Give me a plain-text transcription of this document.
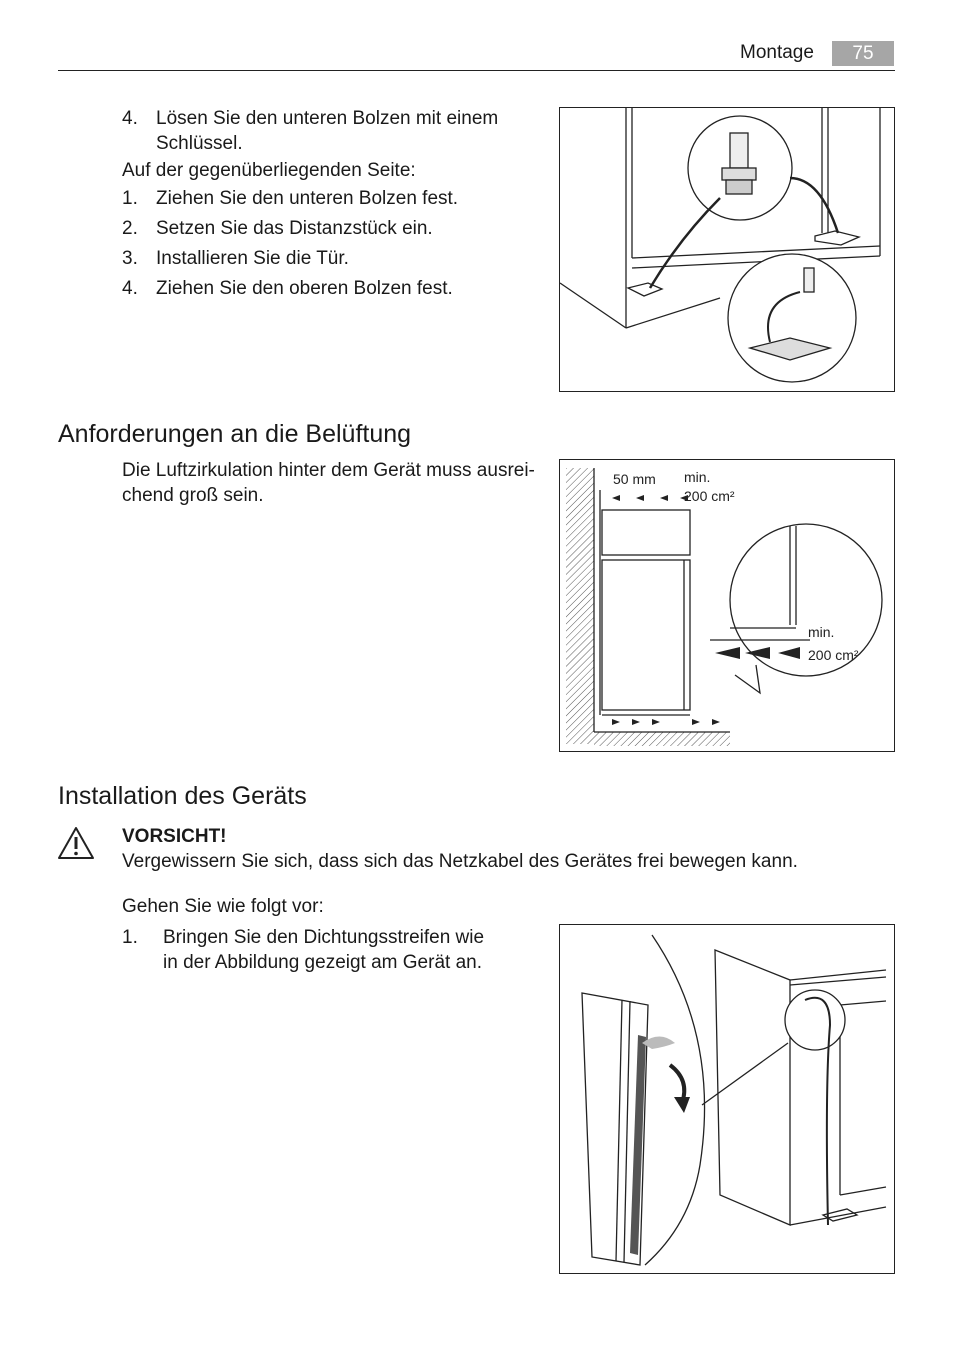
Montage	75
4. Lösen Sie den unteren Bolzen mit einem Schlüssel.
Auf der gegenüberliegenden Seite:
1. Ziehen Sie den unteren Bolzen fest.
2. Setzen Sie das Distanzstück ein.
3. Installieren Sie die Tür.
4. Ziehen Sie den oberen Bolzen fest.
Anforderungen an die Belüftung
Die Luftzirkulation hinter dem Gerät muss ausrei-
chend groß sein.
50 mm min.
200 cm²
min.
200 cm²
Installation des Geräts
VORSICHT!
Vergewissern Sie sich, dass sich das Netzkabel des Gerätes frei bewegen kann.
Gehen Sie wie folgt vor:
1. Bringen Sie den Dichtungsstreifen wie
in der Abbildung gezeigt am Gerät an.
